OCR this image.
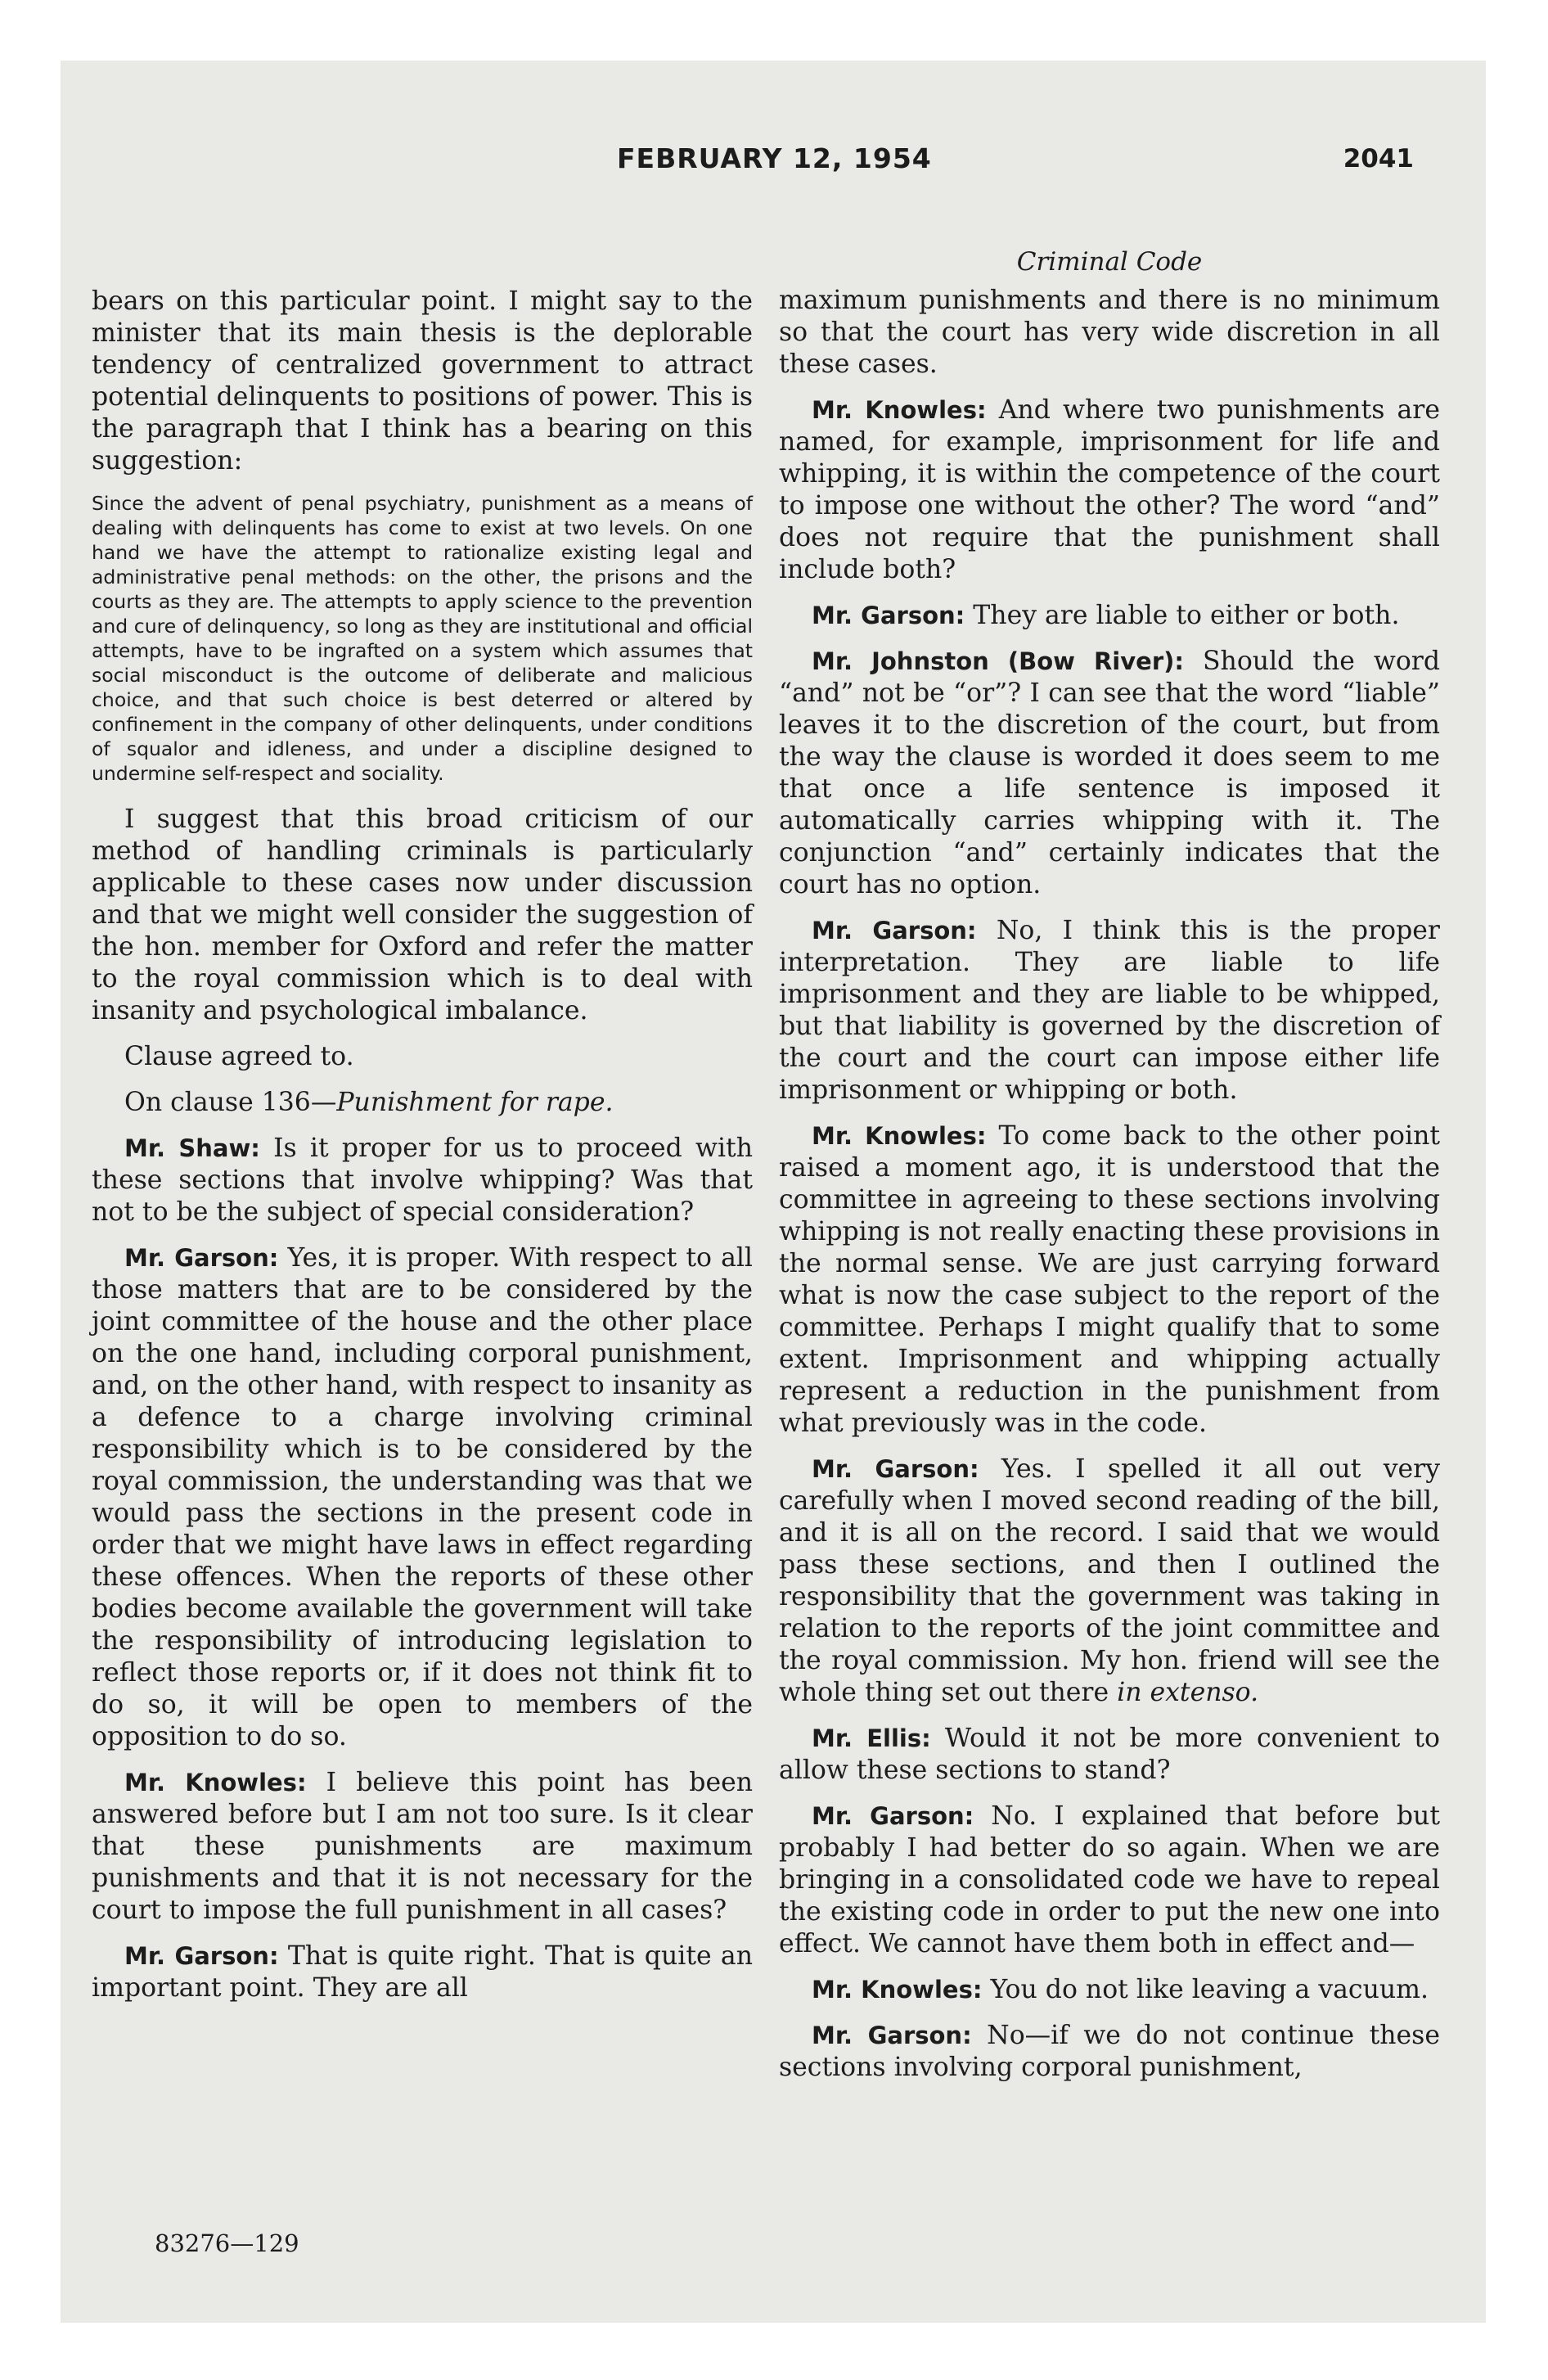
FEBRUARY 12, 1954	2041

bears on this particular point. I might say to the minister that its main thesis is the deplorable tendency of centralized government to attract potential delinquents to positions of power. This is the paragraph that I think has a bearing on this suggestion:

Since the advent of penal psychiatry, punishment as a means of dealing with delinquents has come to exist at two levels. On one hand we have the attempt to rationalize existing legal and administrative penal methods: on the other, the prisons and the courts as they are. The attempts to apply science to the prevention and cure of delinquency, so long as they are institutional and official attempts, have to be ingrafted on a system which assumes that social misconduct is the outcome of deliberate and malicious choice, and that such choice is best deterred or altered by confinement in the company of other delinquents, under conditions of squalor and idleness, and under a discipline designed to undermine self-respect and sociality.

I suggest that this broad criticism of our method of handling criminals is particularly applicable to these cases now under discussion and that we might well consider the suggestion of the hon. member for Oxford and refer the matter to the royal commission which is to deal with insanity and psychological imbalance.

Clause agreed to.

On clause 136—Punishment for rape.

Mr. Shaw: Is it proper for us to proceed with these sections that involve whipping? Was that not to be the subject of special consideration?

Mr. Garson: Yes, it is proper. With respect to all those matters that are to be considered by the joint committee of the house and the other place on the one hand, including corporal punishment, and, on the other hand, with respect to insanity as a defence to a charge involving criminal responsibility which is to be considered by the royal commission, the understanding was that we would pass the sections in the present code in order that we might have laws in effect regarding these offences. When the reports of these other bodies become available the government will take the responsibility of introducing legislation to reflect those reports or, if it does not think fit to do so, it will be open to members of the opposition to do so.

Mr. Knowles: I believe this point has been answered before but I am not too sure. Is it clear that these punishments are maximum punishments and that it is not necessary for the court to impose the full punishment in all cases?

Mr. Garson: That is quite right. That is quite an important point. They are all

Criminal Code

maximum punishments and there is no minimum so that the court has very wide discretion in all these cases.

Mr. Knowles: And where two punishments are named, for example, imprisonment for life and whipping, it is within the competence of the court to impose one without the other? The word “and” does not require that the punishment shall include both?

Mr. Garson: They are liable to either or both.

Mr. Johnston (Bow River): Should the word “and” not be “or”? I can see that the word “liable” leaves it to the discretion of the court, but from the way the clause is worded it does seem to me that once a life sentence is imposed it automatically carries whipping with it. The conjunction “and” certainly indicates that the court has no option.

Mr. Garson: No, I think this is the proper interpretation. They are liable to life imprisonment and they are liable to be whipped, but that liability is governed by the discretion of the court and the court can impose either life imprisonment or whipping or both.

Mr. Knowles: To come back to the other point raised a moment ago, it is understood that the committee in agreeing to these sections involving whipping is not really enacting these provisions in the normal sense. We are just carrying forward what is now the case subject to the report of the committee. Perhaps I might qualify that to some extent. Imprisonment and whipping actually represent a reduction in the punishment from what previously was in the code.

Mr. Garson: Yes. I spelled it all out very carefully when I moved second reading of the bill, and it is all on the record. I said that we would pass these sections, and then I outlined the responsibility that the government was taking in relation to the reports of the joint committee and the royal commission. My hon. friend will see the whole thing set out there in extenso.

Mr. Ellis: Would it not be more convenient to allow these sections to stand?

Mr. Garson: No. I explained that before but probably I had better do so again. When we are bringing in a consolidated code we have to repeal the existing code in order to put the new one into effect. We cannot have them both in effect and—

Mr. Knowles: You do not like leaving a vacuum.

Mr. Garson: No—if we do not continue these sections involving corporal punishment,

83276—129
